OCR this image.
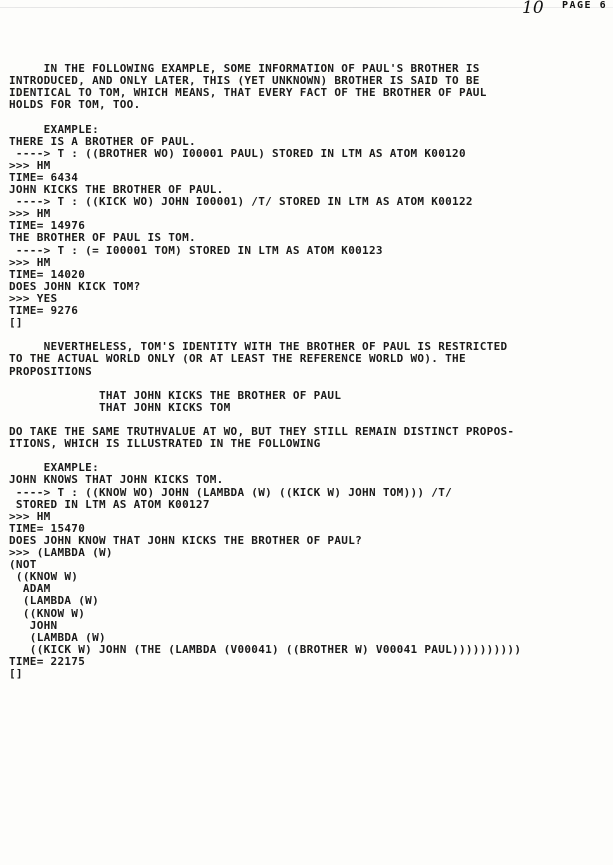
10 PAGE 6
IN THE FOLLOWING EXAMPLE, SOME INFORMATION OF PAUL'S BROTHER IS
INTRODUCED, AND ONLY LATER, THIS (YET UNKNOWN) BROTHER IS SAID TO BE
IDENTICAL TO TOM, WHICH MEANS, THAT EVERY FACT OF THE BROTHER OF PAUL
HOLDS FOR TOM, TOO.
EXAMPLE:
THERE IS A BROTHER OF PAUL.
----> T : ((BROTHER WO) I00001 PAUL) STORED IN LTM AS ATOM K00120
>>> HM
TIME= 6434
JOHN KICKS THE BROTHER OF PAUL.
----> T : ((KICK WO) JOHN I00001) /T/ STORED IN LTM AS ATOM K00122
>>> HM
TIME= 14976
THE BROTHER OF PAUL IS TOM.
----> T : (= I00001 TOM) STORED IN LTM AS ATOM K00123
>>> HM
TIME= 14020
DOES JOHN KICK TOM?
>>> YES
TIME= 9276
[]
NEVERTHELESS, TOM'S IDENTITY WITH THE BROTHER OF PAUL IS RESTRICTED
TO THE ACTUAL WORLD ONLY (OR AT LEAST THE REFERENCE WORLD WO). THE
PROPOSITIONS
THAT JOHN KICKS THE BROTHER OF PAUL
THAT JOHN KICKS TOM
DO TAKE THE SAME TRUTHVALUE AT WO, BUT THEY STILL REMAIN DISTINCT PROPOS-
ITIONS, WHICH IS ILLUSTRATED IN THE FOLLOWING
EXAMPLE:
JOHN KNOWS THAT JOHN KICKS TOM.
----> T : ((KNOW WO) JOHN (LAMBDA (W) ((KICK W) JOHN TOM))) /T/
STORED IN LTM AS ATOM K00127
>>> HM
TIME= 15470
DOES JOHN KNOW THAT JOHN KICKS THE BROTHER OF PAUL?
>>> (LAMBDA (W)
(NOT
((KNOW W)
ADAM
(LAMBDA (W)
((KNOW W)
JOHN
(LAMBDA (W)
((KICK W) JOHN (THE (LAMBDA (V00041) ((BROTHER W) V00041 PAUL))))))))))
TIME= 22175
[]
